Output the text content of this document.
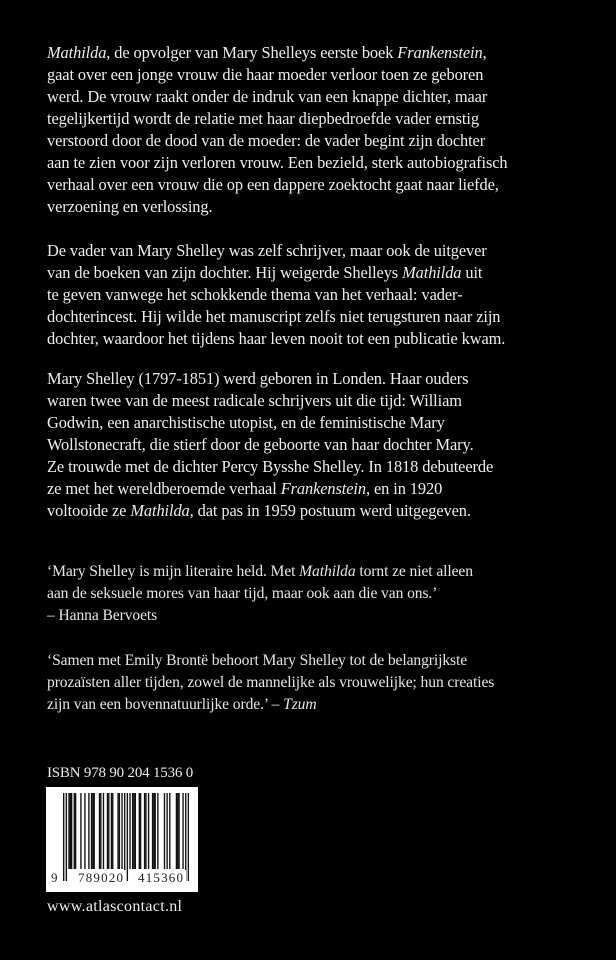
Mathilda, de opvolger van Mary Shelleys eerste boek Frankenstein,
gaat over een jonge vrouw die haar moeder verloor toen ze geboren
werd. De vrouw raakt onder de indruk van een knappe dichter, maar
tegelijkertijd wordt de relatie met haar diepbedroefde vader ernstig
verstoord door de dood van de moeder: de vader begint zijn dochter
aan te zien voor zijn verloren vrouw. Een bezield, sterk autobiografisch
verhaal over een vrouw die op een dappere zoektocht gaat naar liefde,
verzoening en verlossing.
De vader van Mary Shelley was zelf schrijver, maar ook de uitgever
van de boeken van zijn dochter. Hij weigerde Shelleys Mathilda uit
te geven vanwege het schokkende thema van het verhaal: vader-
dochterincest. Hij wilde het manuscript zelfs niet terugsturen naar zijn
dochter, waardoor het tijdens haar leven nooit tot een publicatie kwam.
Mary Shelley (1797-1851) werd geboren in Londen. Haar ouders
waren twee van de meest radicale schrijvers uit die tijd: William
Godwin, een anarchistische utopist, en de feministische Mary
Wollstonecraft, die stierf door de geboorte van haar dochter Mary.
Ze trouwde met de dichter Percy Bysshe Shelley. In 1818 debuteerde
ze met het wereldberoemde verhaal Frankenstein, en in 1920
voltooide ze Mathilda, dat pas in 1959 postuum werd uitgegeven.
‘Mary Shelley is mijn literaire held. Met Mathilda tornt ze niet alleen
aan de seksuele mores van haar tijd, maar ook aan die van ons.’
– Hanna Bervoets
‘Samen met Emily Brontë behoort Mary Shelley tot de belangrijkste
prozaïsten aller tijden, zowel de mannelijke als vrouwelijke; hun creaties
zijn van een bovennatuurlijke orde.’ – Tzum
ISBN 978 90 204 1536 0
9 789020 415360
www.atlascontact.nl
